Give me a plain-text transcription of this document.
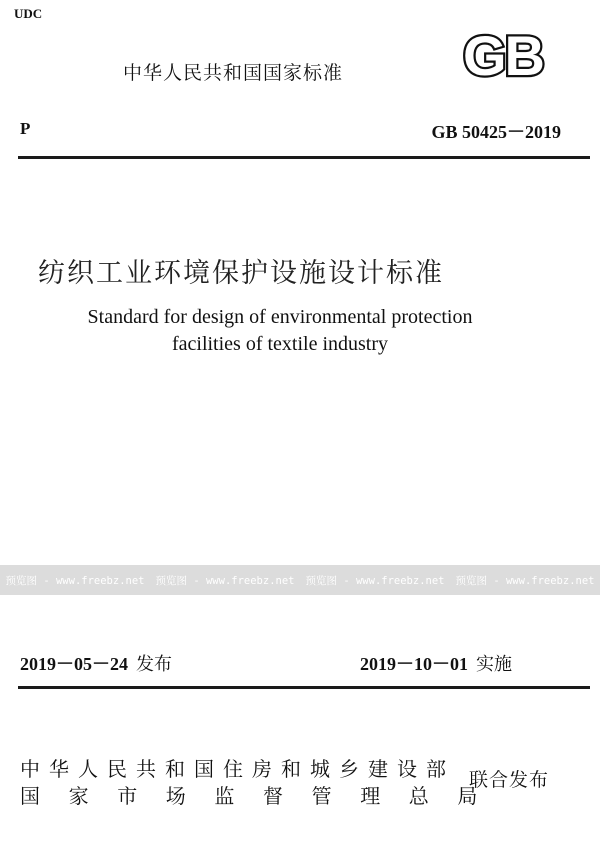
UDC
中华人民共和国国家标准 GB
P	GB 50425－2019
纺织工业环境保护设施设计标准
Standard for design of environmental protection
facilities of textile industry
预览图 - www.freebz.net 预览图 - www.freebz.net 预览图 - www.freebz.net 预览图 - www.freebz.net
2019－05－24 发布	2019－10－01 实施
中华人民共和国住房和城乡建设部
国家市场监督管理总局
联合发布
